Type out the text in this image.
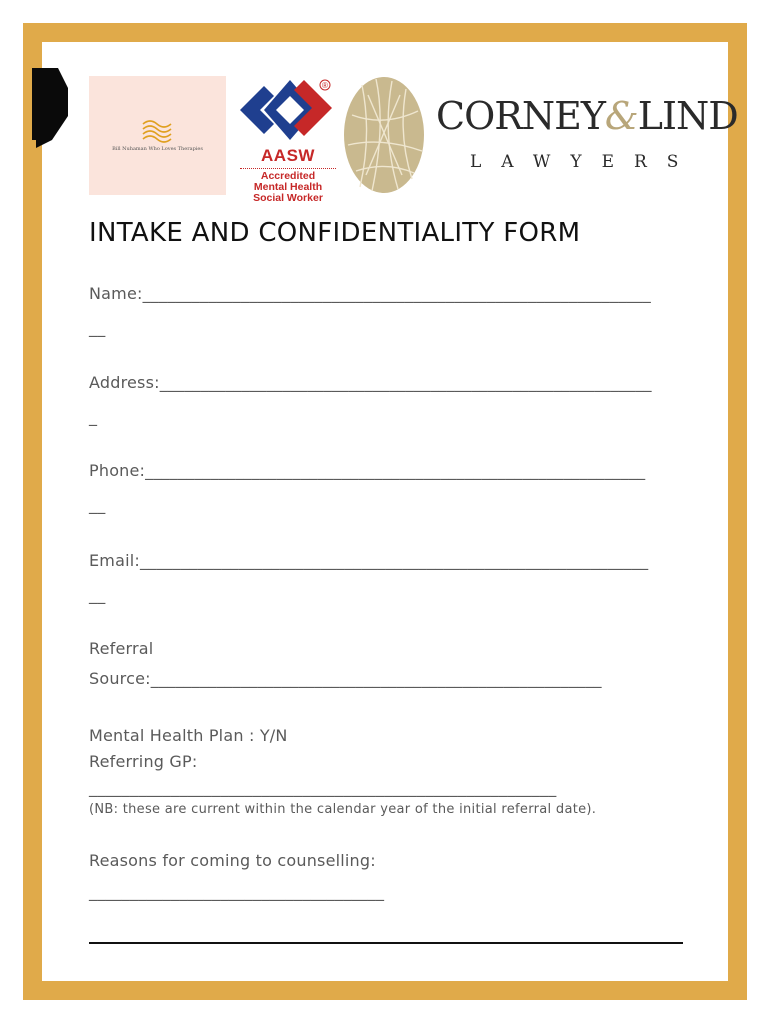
Bill Nuhaman Who Loves Therapies
®
AASW
Accredited
Mental Health
Social Worker
CORNEY&LIND
LAWYERS
INTAKE AND CONFIDENTIALITY FORM
Name:______________________________________________________________
__
Address:____________________________________________________________
_
Phone:_____________________________________________________________
__
Email:______________________________________________________________
__
Referral
Source:_______________________________________________________
Mental Health Plan : Y/N
Referring GP:
_________________________________________________________
(NB: these are current within the calendar year of the initial referral date).
Reasons for coming to counselling:
____________________________________
